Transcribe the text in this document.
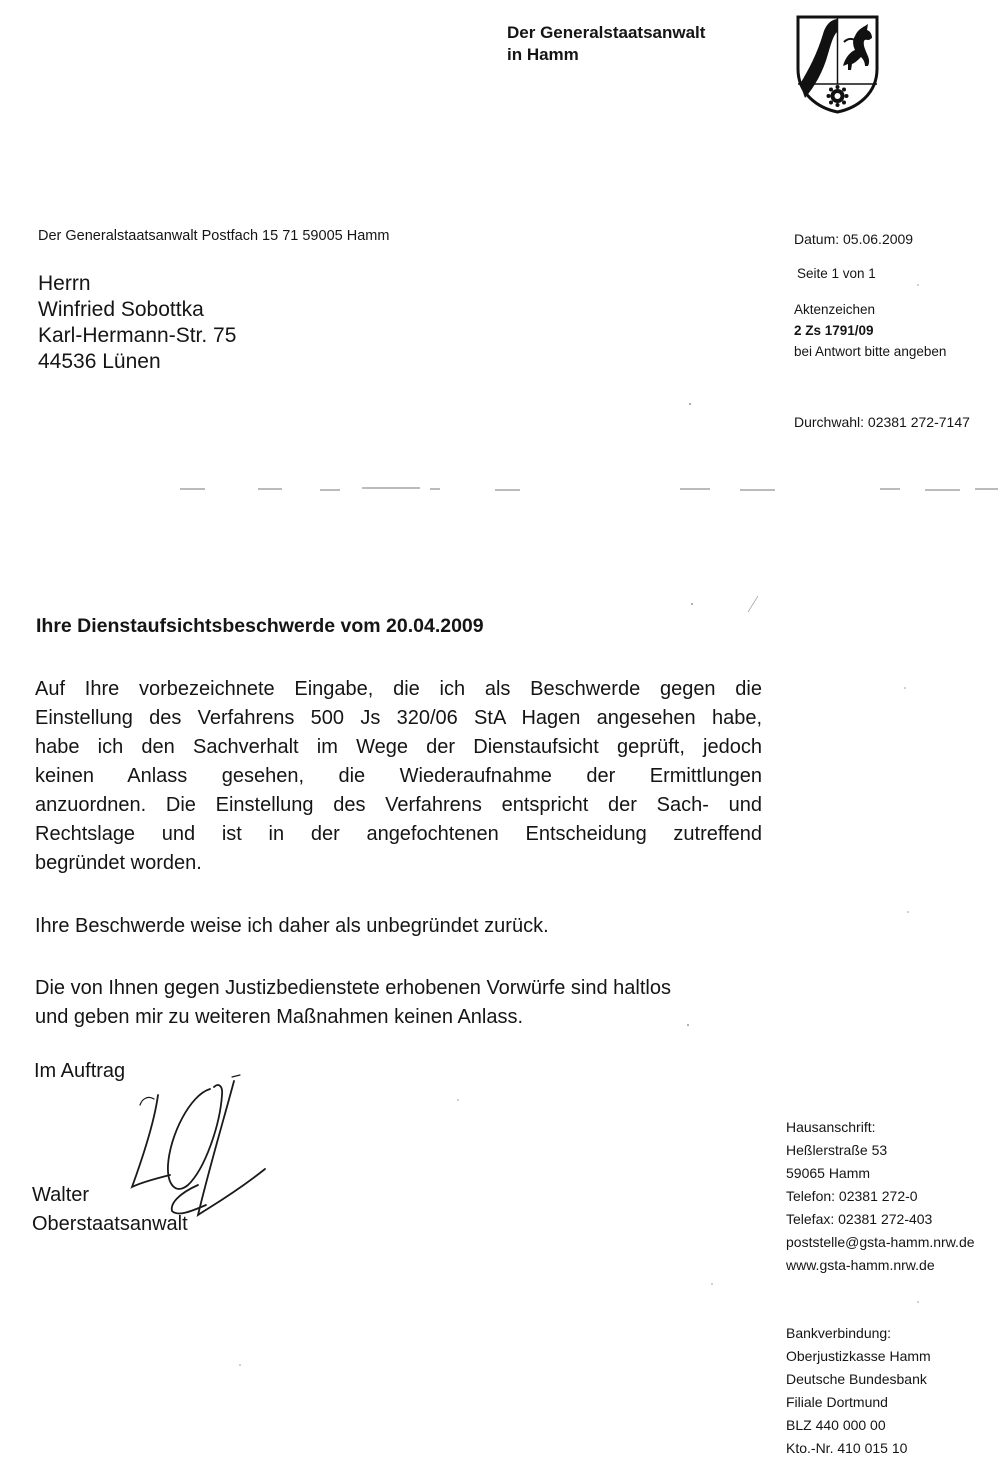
Der Generalstaatsanwalt
in Hamm
Der Generalstaatsanwalt Postfach 15 71 59005 Hamm
Herrn
Winfried Sobottka
Karl-Hermann-Str. 75
44536 Lünen
Datum: 05.06.2009
Seite 1 von 1
Aktenzeichen
2 Zs 1791/09
bei Antwort bitte angeben
Durchwahl: 02381 272-7147
Ihre Dienstaufsichtsbeschwerde vom 20.04.2009
Auf Ihre vorbezeichnete Eingabe, die ich als Beschwerde gegen die
Einstellung des Verfahrens 500 Js 320/06 StA Hagen angesehen habe,
habe ich den Sachverhalt im Wege der Dienstaufsicht geprüft, jedoch
keinen Anlass gesehen, die Wiederaufnahme der Ermittlungen
anzuordnen. Die Einstellung des Verfahrens entspricht der Sach- und
Rechtslage und ist in der angefochtenen Entscheidung zutreffend
begründet worden.
Ihre Beschwerde weise ich daher als unbegründet zurück.
Die von Ihnen gegen Justizbedienstete erhobenen Vorwürfe sind haltlos
und geben mir zu weiteren Maßnahmen keinen Anlass.
Im Auftrag
Walter
Oberstaatsanwalt
Hausanschrift:
Heßlerstraße 53
59065 Hamm
Telefon: 02381 272-0
Telefax: 02381 272-403
poststelle@gsta-hamm.nrw.de
www.gsta-hamm.nrw.de
Bankverbindung:
Oberjustizkasse Hamm
Deutsche Bundesbank
Filiale Dortmund
BLZ 440 000 00
Kto.-Nr. 410 015 10
